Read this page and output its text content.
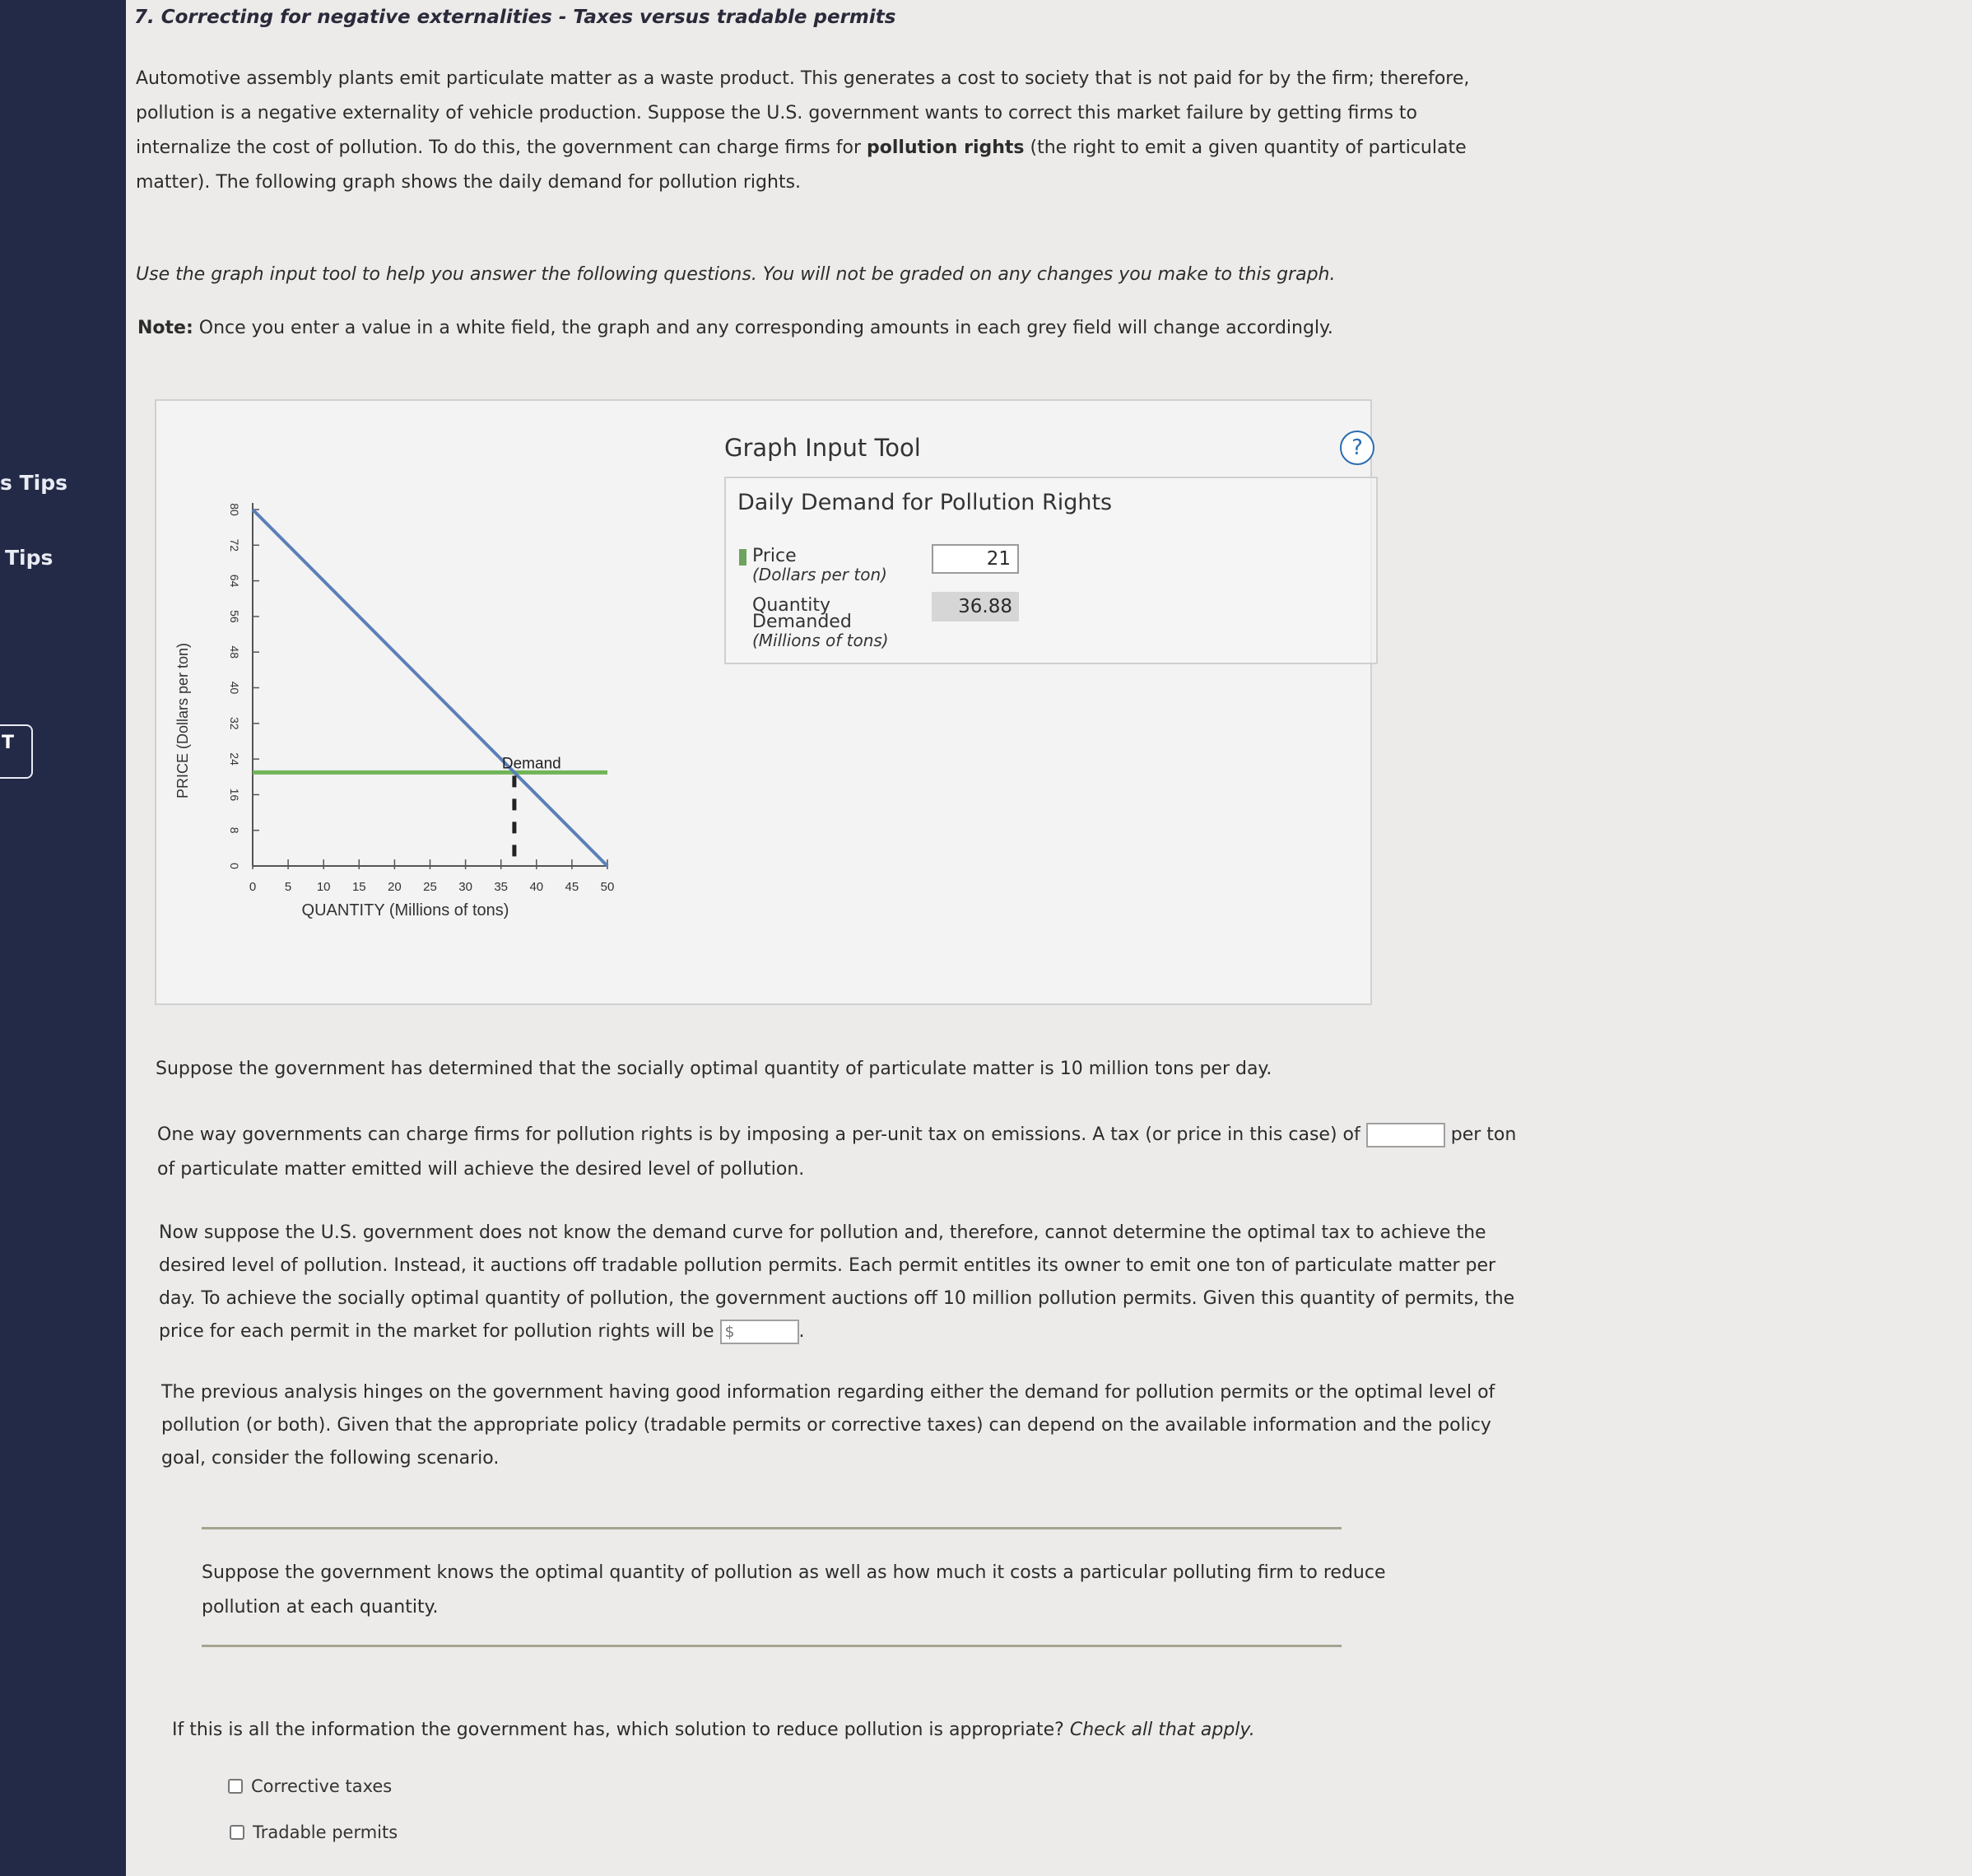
s Tips
Tips
T
7. Correcting for negative externalities - Taxes versus tradable permits
Automotive assembly plants emit particulate matter as a waste product. This generates a cost to society that is not paid for by the firm; therefore,
pollution is a negative externality of vehicle production. Suppose the U.S. government wants to correct this market failure by getting firms to
internalize the cost of pollution. To do this, the government can charge firms for pollution rights (the right to emit a given quantity of particulate
matter). The following graph shows the daily demand for pollution rights.
Use the graph input tool to help you answer the following questions. You will not be graded on any changes you make to this graph.
Note: Once you enter a value in a white field, the graph and any corresponding amounts in each grey field will change accordingly.
0
8
16
24
32
40
48
56
64
72
80
0 5 10 15 20 25 30 35 40 45 50
PRICE (Dollars per ton)
QUANTITY (Millions of tons)
Demand
Graph Input Tool	?
Daily Demand for Pollution Rights
Price
(Dollars per ton)
21
Quantity
Demanded
(Millions of tons)
36.88
Suppose the government has determined that the socially optimal quantity of particulate matter is 10 million tons per day.
One way governments can charge firms for pollution rights is by imposing a per-unit tax on emissions. A tax (or price in this case) of	per ton
of particulate matter emitted will achieve the desired level of pollution.
Now suppose the U.S. government does not know the demand curve for pollution and, therefore, cannot determine the optimal tax to achieve the
desired level of pollution. Instead, it auctions off tradable pollution permits. Each permit entitles its owner to emit one ton of particulate matter per
day. To achieve the socially optimal quantity of pollution, the government auctions off 10 million pollution permits. Given this quantity of permits, the
price for each permit in the market for pollution rights will be $	.
The previous analysis hinges on the government having good information regarding either the demand for pollution permits or the optimal level of
pollution (or both). Given that the appropriate policy (tradable permits or corrective taxes) can depend on the available information and the policy
goal, consider the following scenario.
Suppose the government knows the optimal quantity of pollution as well as how much it costs a particular polluting firm to reduce
pollution at each quantity.
If this is all the information the government has, which solution to reduce pollution is appropriate? Check all that apply.
Corrective taxes
Tradable permits
